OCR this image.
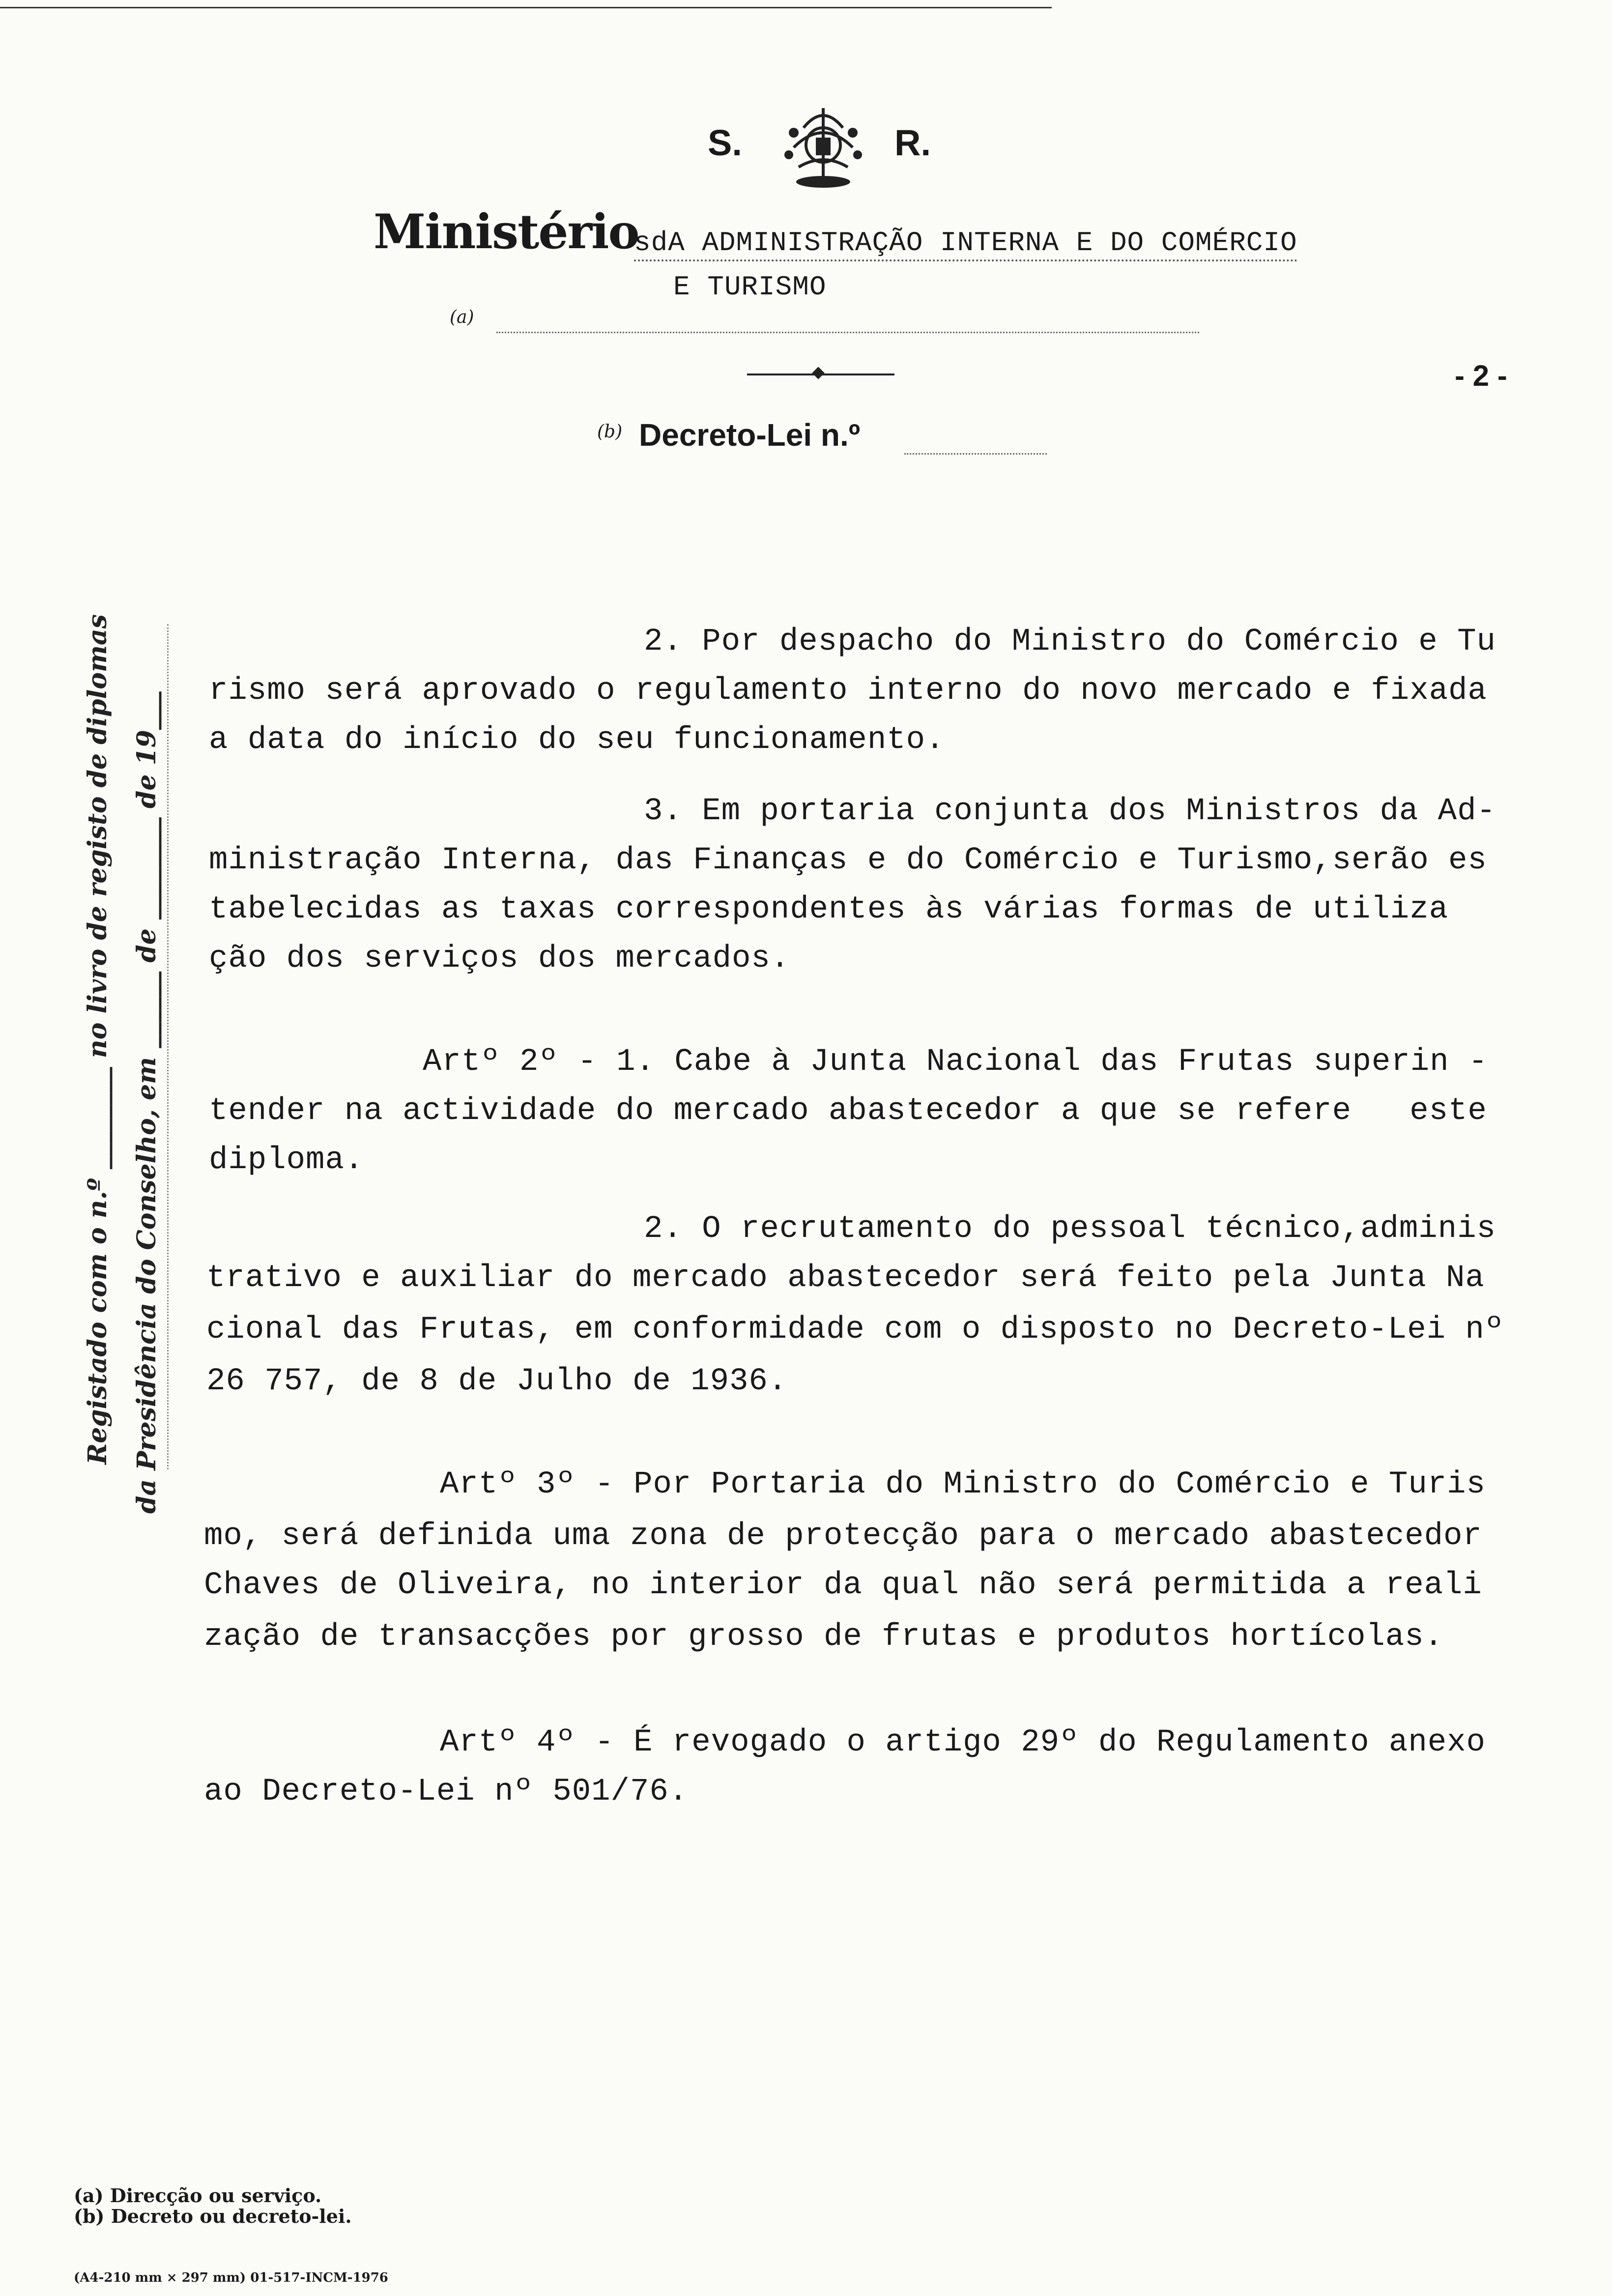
S.	R.
Ministério
sdA ADMINISTRAÇÃO INTERNA E DO COMÉRCIO
E TURISMO
(a)
- 2 -
(b) Decreto-Lei n.º
Registado com o n.º ________ no livro de registo de diplomas da Presidência do Conselho, em ______ de ________ de 19___
2. Por despacho do Ministro do Comércio e Tu
rismo será aprovado o regulamento interno do novo mercado e fixada
a data do início do seu funcionamento.
3. Em portaria conjunta dos Ministros da Ad-
ministração Interna, das Finanças e do Comércio e Turismo,serão es
tabelecidas as taxas correspondentes às várias formas de utiliza
ção dos serviços dos mercados.
Artº 2º - 1. Cabe à Junta Nacional das Frutas superin -
tender na actividade do mercado abastecedor a que se refere   este
diploma.
2. O recrutamento do pessoal técnico,adminis
trativo e auxiliar do mercado abastecedor será feito pela Junta Na
cional das Frutas, em conformidade com o disposto no Decreto-Lei nº
26 757, de 8 de Julho de 1936.
Artº 3º - Por Portaria do Ministro do Comércio e Turis
mo, será definida uma zona de protecção para o mercado abastecedor
Chaves de Oliveira, no interior da qual não será permitida a reali
zação de transacções por grosso de frutas e produtos hortícolas.
Artº 4º - É revogado o artigo 29º do Regulamento anexo
ao Decreto-Lei nº 501/76.
(a) Direcção ou serviço.
(b) Decreto ou decreto-lei.
(A4-210 mm × 297 mm) 01-517-INCM-1976
